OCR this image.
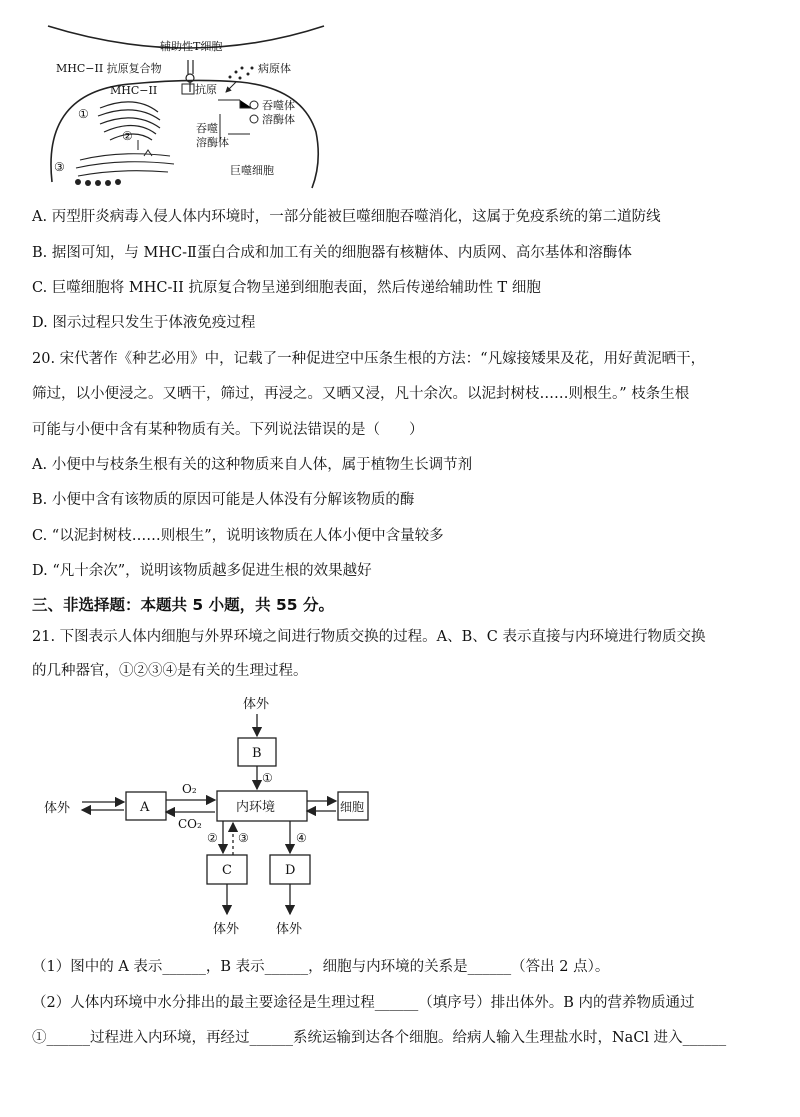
辅助性T细胞
MHC−II 抗原复合物	病原体
MHC−II	抗原
吞噬体
溶酶体
吞噬
溶酶体
巨噬细胞
①
②
③
A. 丙型肝炎病毒入侵人体内环境时，一部分能被巨噬细胞吞噬消化，这属于免疫系统的第二道防线
B. 据图可知，与 MHC-Ⅱ蛋白合成和加工有关的细胞器有核糖体、内质网、高尔基体和溶酶体
C. 巨噬细胞将 MHC-II 抗原复合物呈递到细胞表面，然后传递给辅助性 T 细胞
D. 图示过程只发生于体液免疫过程
20. 宋代著作《种艺必用》中，记载了一种促进空中压条生根的方法：“凡嫁接矮果及花，用好黄泥晒干，
筛过，以小便浸之。又晒干，筛过，再浸之。又晒又浸，凡十余次。以泥封树枝……则根生。” 枝条生根
可能与小便中含有某种物质有关。下列说法错误的是（　　）
A. 小便中与枝条生根有关的这种物质来自人体，属于植物生长调节剂
B. 小便中含有该物质的原因可能是人体没有分解该物质的酶
C. “以泥封树枝……则根生”，说明该物质在人体小便中含量较多
D. “凡十余次”，说明该物质越多促进生根的效果越好
三、非选择题：本题共 5 小题，共 55 分。
21. 下图表示人体内细胞与外界环境之间进行物质交换的过程。A、B、C 表示直接与内环境进行物质交换
的几种器官，①②③④是有关的生理过程。
体外
B
①
内环境
体外	A
O₂
CO₂
细胞
② ③
C
体外
④
D
体外
（1）图中的 A 表示______，B 表示______，细胞与内环境的关系是______（答出 2 点）。
（2）人体内环境中水分排出的最主要途径是生理过程______（填序号）排出体外。B 内的营养物质通过
①______过程进入内环境，再经过______系统运输到达各个细胞。给病人输入生理盐水时，NaCl 进入______
